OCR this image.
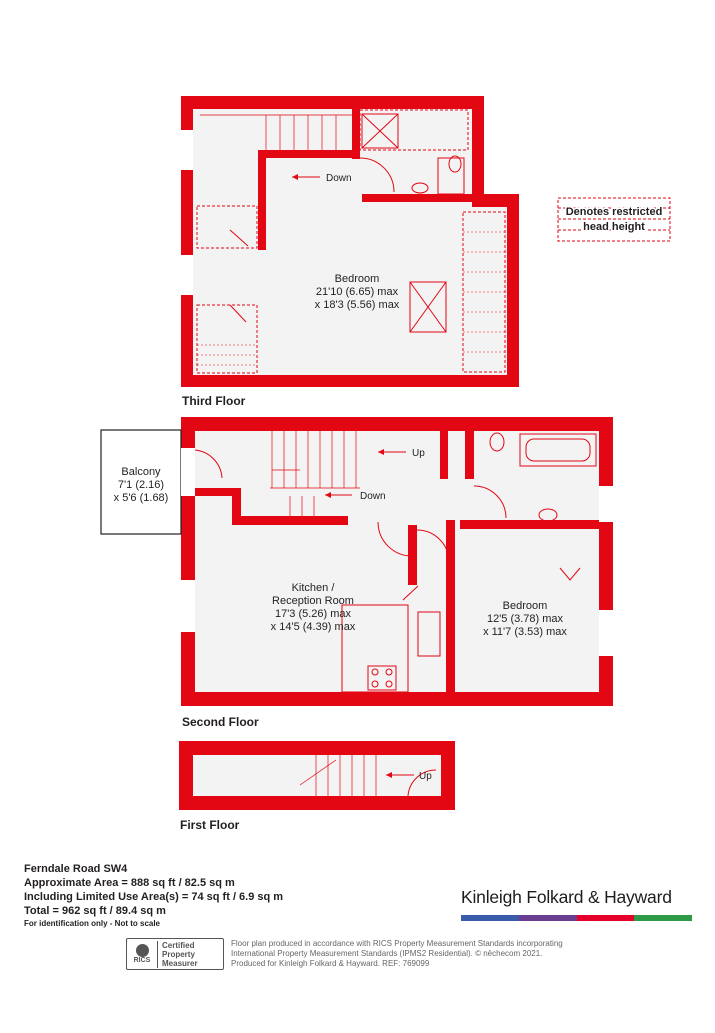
Down
Bedroom
21'10 (6.65) max
x 18'3 (5.56) max
Third Floor
Denotes restricted
head height
Balcony
7'1 (2.16)
x 5'6 (1.68)
Up
Down
Kitchen /
Reception Room
17'3 (5.26) max
x 14'5 (4.39) max
Bedroom
12'5 (3.78) max
x 11'7 (3.53) max
Second Floor
Up
First Floor
Ferndale Road SW4
Approximate Area = 888 sq ft / 82.5 sq m
Including Limited Use Area(s) = 74 sq ft / 6.9 sq m
Total = 962 sq ft / 89.4 sq m
For identification only - Not to scale
Kinleigh Folkard & Hayward
RICS
Certified
Property
Measurer
Floor plan produced in accordance with RICS Property Measurement Standards incorporating
International Property Measurement Standards (IPMS2 Residential). © nēchecom 2021.
Produced for Kinleigh Folkard & Hayward. REF: 769099
